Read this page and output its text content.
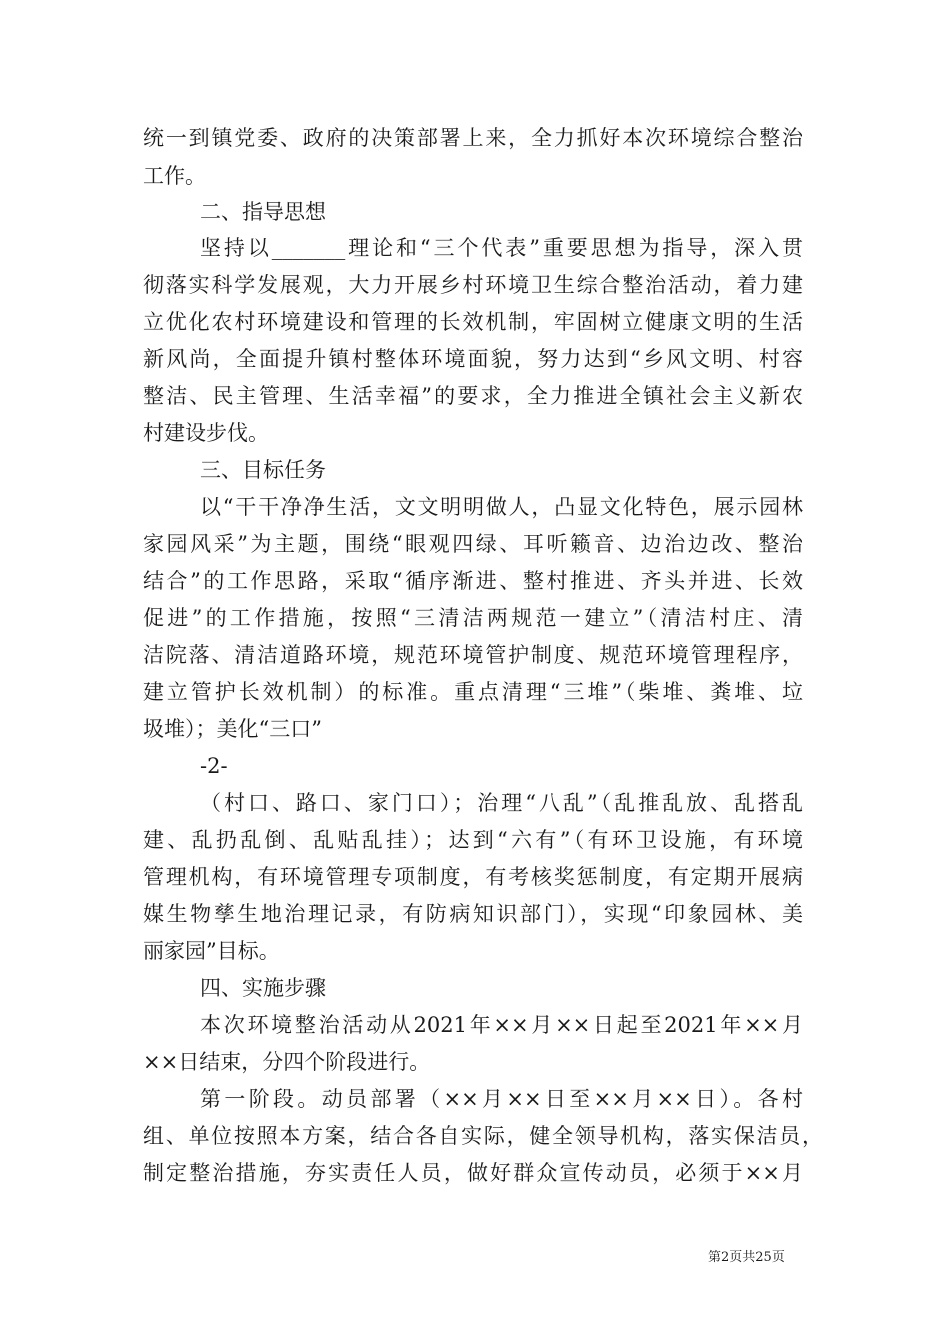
统一到镇党委、政府的决策部署上来，全力抓好本次环境综合整治
工作。
二、指导思想
坚持以_______理论和“三个代表”重要思想为指导，深入贯
彻落实科学发展观，大力开展乡村环境卫生综合整治活动，着力建
立优化农村环境建设和管理的长效机制，牢固树立健康文明的生活
新风尚，全面提升镇村整体环境面貌，努力达到“乡风文明、村容
整洁、民主管理、生活幸福”的要求，全力推进全镇社会主义新农
村建设步伐。
三、目标任务
以“干干净净生活，文文明明做人，凸显文化特色，展示园林
家园风采”为主题，围绕“眼观四绿、耳听籁音、边治边改、整治
结合”的工作思路，采取“循序渐进、整村推进、齐头并进、长效
促进”的工作措施，按照“三清洁两规范一建立”（清洁村庄、清
洁院落、清洁道路环境，规范环境管护制度、规范环境管理程序，
建立管护长效机制）的标准。重点清理“三堆”（柴堆、粪堆、垃
圾堆）；美化“三口”
-2-
（村口、路口、家门口）；治理“八乱”（乱推乱放、乱搭乱
建、乱扔乱倒、乱贴乱挂）；达到“六有”（有环卫设施，有环境
管理机构，有环境管理专项制度，有考核奖惩制度，有定期开展病
媒生物孳生地治理记录，有防病知识部门），实现“印象园林、美
丽家园”目标。
四、实施步骤
本次环境整治活动从2021年××月××日起至2021年××月
××日结束，分四个阶段进行。
第一阶段。动员部署（××月××日至××月××日）。各村
组、单位按照本方案，结合各自实际，健全领导机构，落实保洁员，
制定整治措施，夯实责任人员，做好群众宣传动员，必须于××月
第2页共25页
